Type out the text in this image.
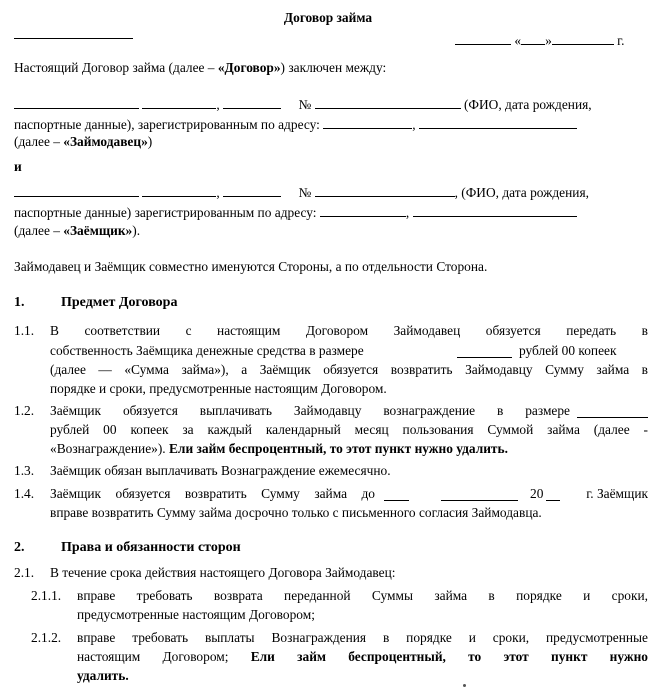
Договор займа
« »	г.
Настоящий Договор займа (далее – «Договор») заключен между:
,	№	(ФИО, дата рождения,
паспортные данные), зарегистрированным по адресу:	,
(далее – «Займодавец»)
и
,	№	, (ФИО, дата рождения,
паспортные данные) зарегистрированным по адресу:	,
(далее – «Заёмщик»).
Займодавец и Заёмщик совместно именуются Стороны, а по отдельности Сторона.
1.	Предмет Договора
1.1. В соответствии с настоящим Договором Займодавец обязуется передать в
собственность Заёмщика денежные средства в размере	рублей 00 копеек
(далее — «Сумма займа»), а Заёмщик обязуется возвратить Займодавцу Сумму займа в
порядке и сроки, предусмотренные настоящим Договором.
1.2. Заёмщик обязуется выплачивать Займодавцу вознаграждение в размере
рублей 00 копеек за каждый календарный месяц пользования Суммой займа (далее -
«Вознаграждение»). Ели займ беспроцентный, то этот пункт нужно удалить.
1.3. Заёмщик обязан выплачивать Вознаграждение ежемесячно.
1.4. Заёмщик обязуется возвратить Сумму займа до	20	г. Заёмщик
вправе возвратить Сумму займа досрочно только с письменного согласия Займодавца.
2.	Права и обязанности сторон
2.1. В течение срока действия настоящего Договора Займодавец:
2.1.1. вправе требовать возврата переданной Суммы займа в порядке и сроки,
предусмотренные настоящим Договором;
2.1.2. вправе требовать выплаты Вознаграждения в порядке и сроки, предусмотренные
настоящим Договором; Ели займ беспроцентный, то этот пункт нужно
удалить.
